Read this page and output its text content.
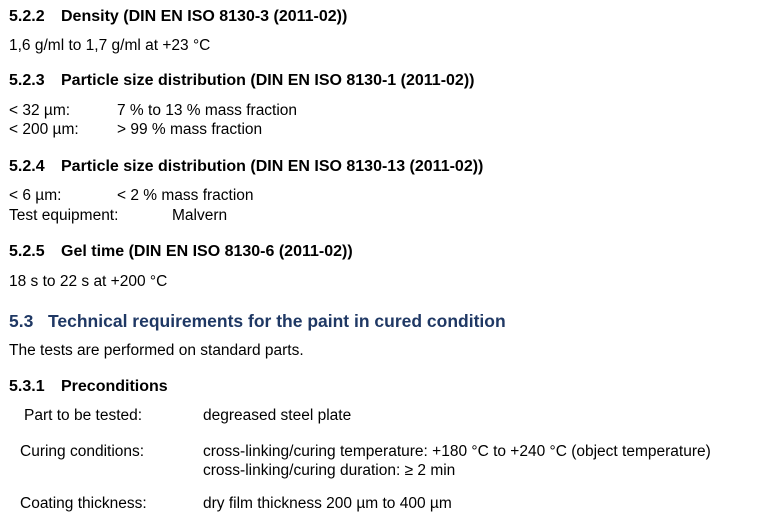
5.2.2 Density (DIN EN ISO 8130-3 (2011-02))
1,6 g/ml to 1,7 g/ml at +23 °C
5.2.3 Particle size distribution (DIN EN ISO 8130-1 (2011-02))
< 32 µm:	7 % to 13 % mass fraction
< 200 µm: > 99 % mass fraction
5.2.4 Particle size distribution (DIN EN ISO 8130-13 (2011-02))
< 6 µm:	< 2 % mass fraction
Test equipment:	Malvern
5.2.5 Gel time (DIN EN ISO 8130-6 (2011-02))
18 s to 22 s at +200 °C
5.3 Technical requirements for the paint in cured condition
The tests are performed on standard parts.
5.3.1 Preconditions
Part to be tested:	degreased steel plate
Curing conditions:	cross-linking/curing temperature: +180 °C to +240 °C (object temperature)
cross-linking/curing duration: ≥ 2 min
Coating thickness:	dry film thickness 200 µm to 400 µm
